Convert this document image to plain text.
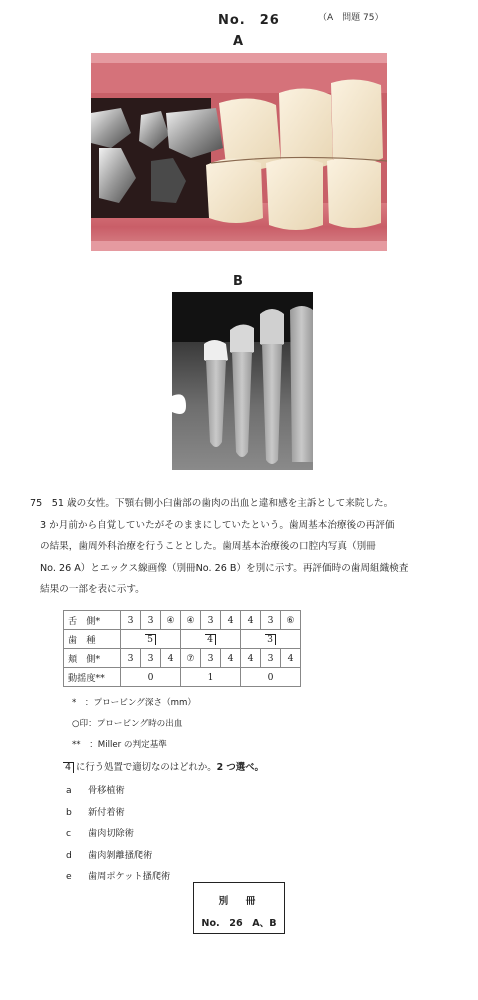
No.　26	（A　問題 75）
A
B
75　51 歳の女性。下顎右側小臼歯部の歯肉の出血と違和感を主訴として来院した。
3 か月前から自覚していたがそのままにしていたという。歯周基本治療後の再評価
の結果，歯周外科治療を行うこととした。歯周基本治療後の口腔内写真（別冊
No. 26 A）とエックス線画像（別冊No. 26 B）を別に示す。再評価時の歯周組織検査
結果の一部を表に示す。
舌　側*	3	3	④	④	3	4	4	3	⑥
歯　種	5			4			3		
頬　側*	3	3	4	⑦	3	4	4	3	4
動揺度**	0			1			0		
*　：プロービング深さ（mm）
○印：プロービング時の出血
**　：Miller の判定基準
4 に行う処置で適切なのはどれか。2 つ選べ。
a 骨移植術
b 新付着術
c 歯肉切除術
d 歯肉剝離搔爬術
e 歯周ポケット搔爬術
別　冊
No.　26　A、B
